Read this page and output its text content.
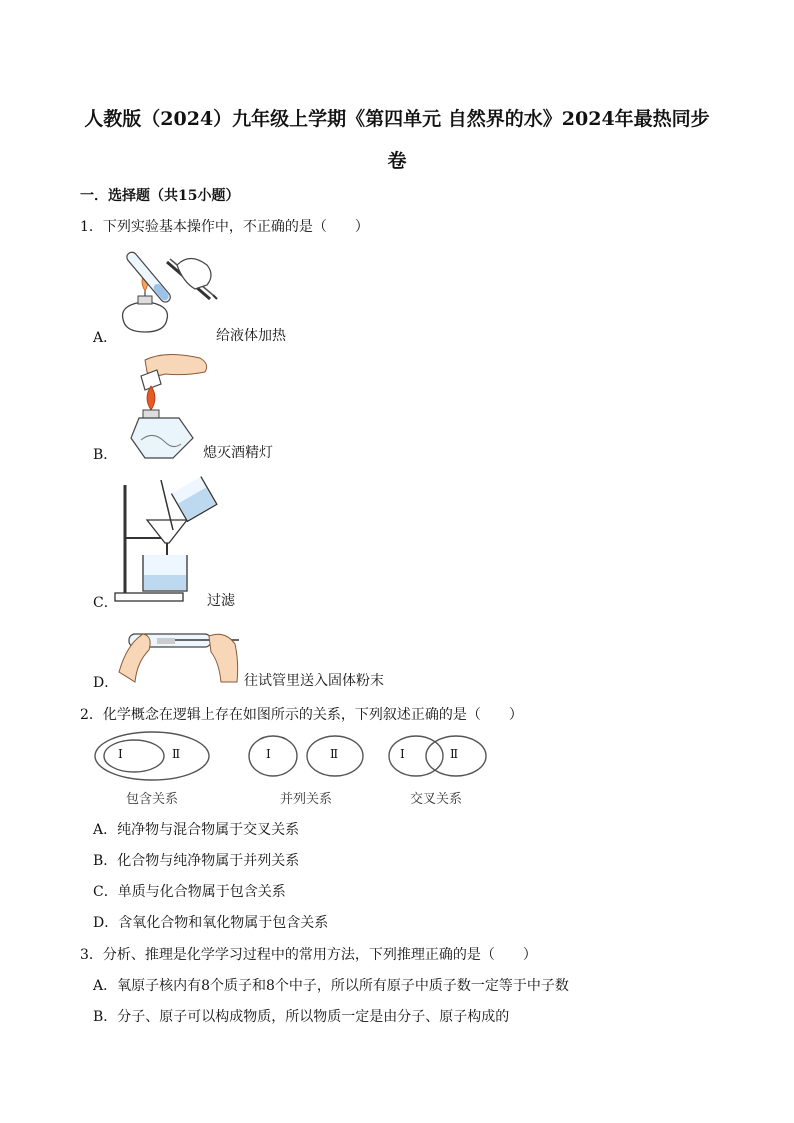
人教版（2024）九年级上学期《第四单元 自然界的水》2024年最热同步
卷
一．选择题（共15小题）
1．下列实验基本操作中，不正确的是（　　）
A．	给液体加热
B．	熄灭酒精灯
C．	过滤
D．	往试管里送入固体粉末
2．化学概念在逻辑上存在如图所示的关系，下列叙述正确的是（　　）
Ⅰ	Ⅱ
包含关系
Ⅰ	Ⅱ
并列关系
Ⅰ	Ⅱ
交叉关系
A．纯净物与混合物属于交叉关系
B．化合物与纯净物属于并列关系
C．单质与化合物属于包含关系
D．含氧化合物和氧化物属于包含关系
3．分析、推理是化学学习过程中的常用方法，下列推理正确的是（　　）
A．氧原子核内有8个质子和8个中子，所以所有原子中质子数一定等于中子数
B．分子、原子可以构成物质，所以物质一定是由分子、原子构成的
